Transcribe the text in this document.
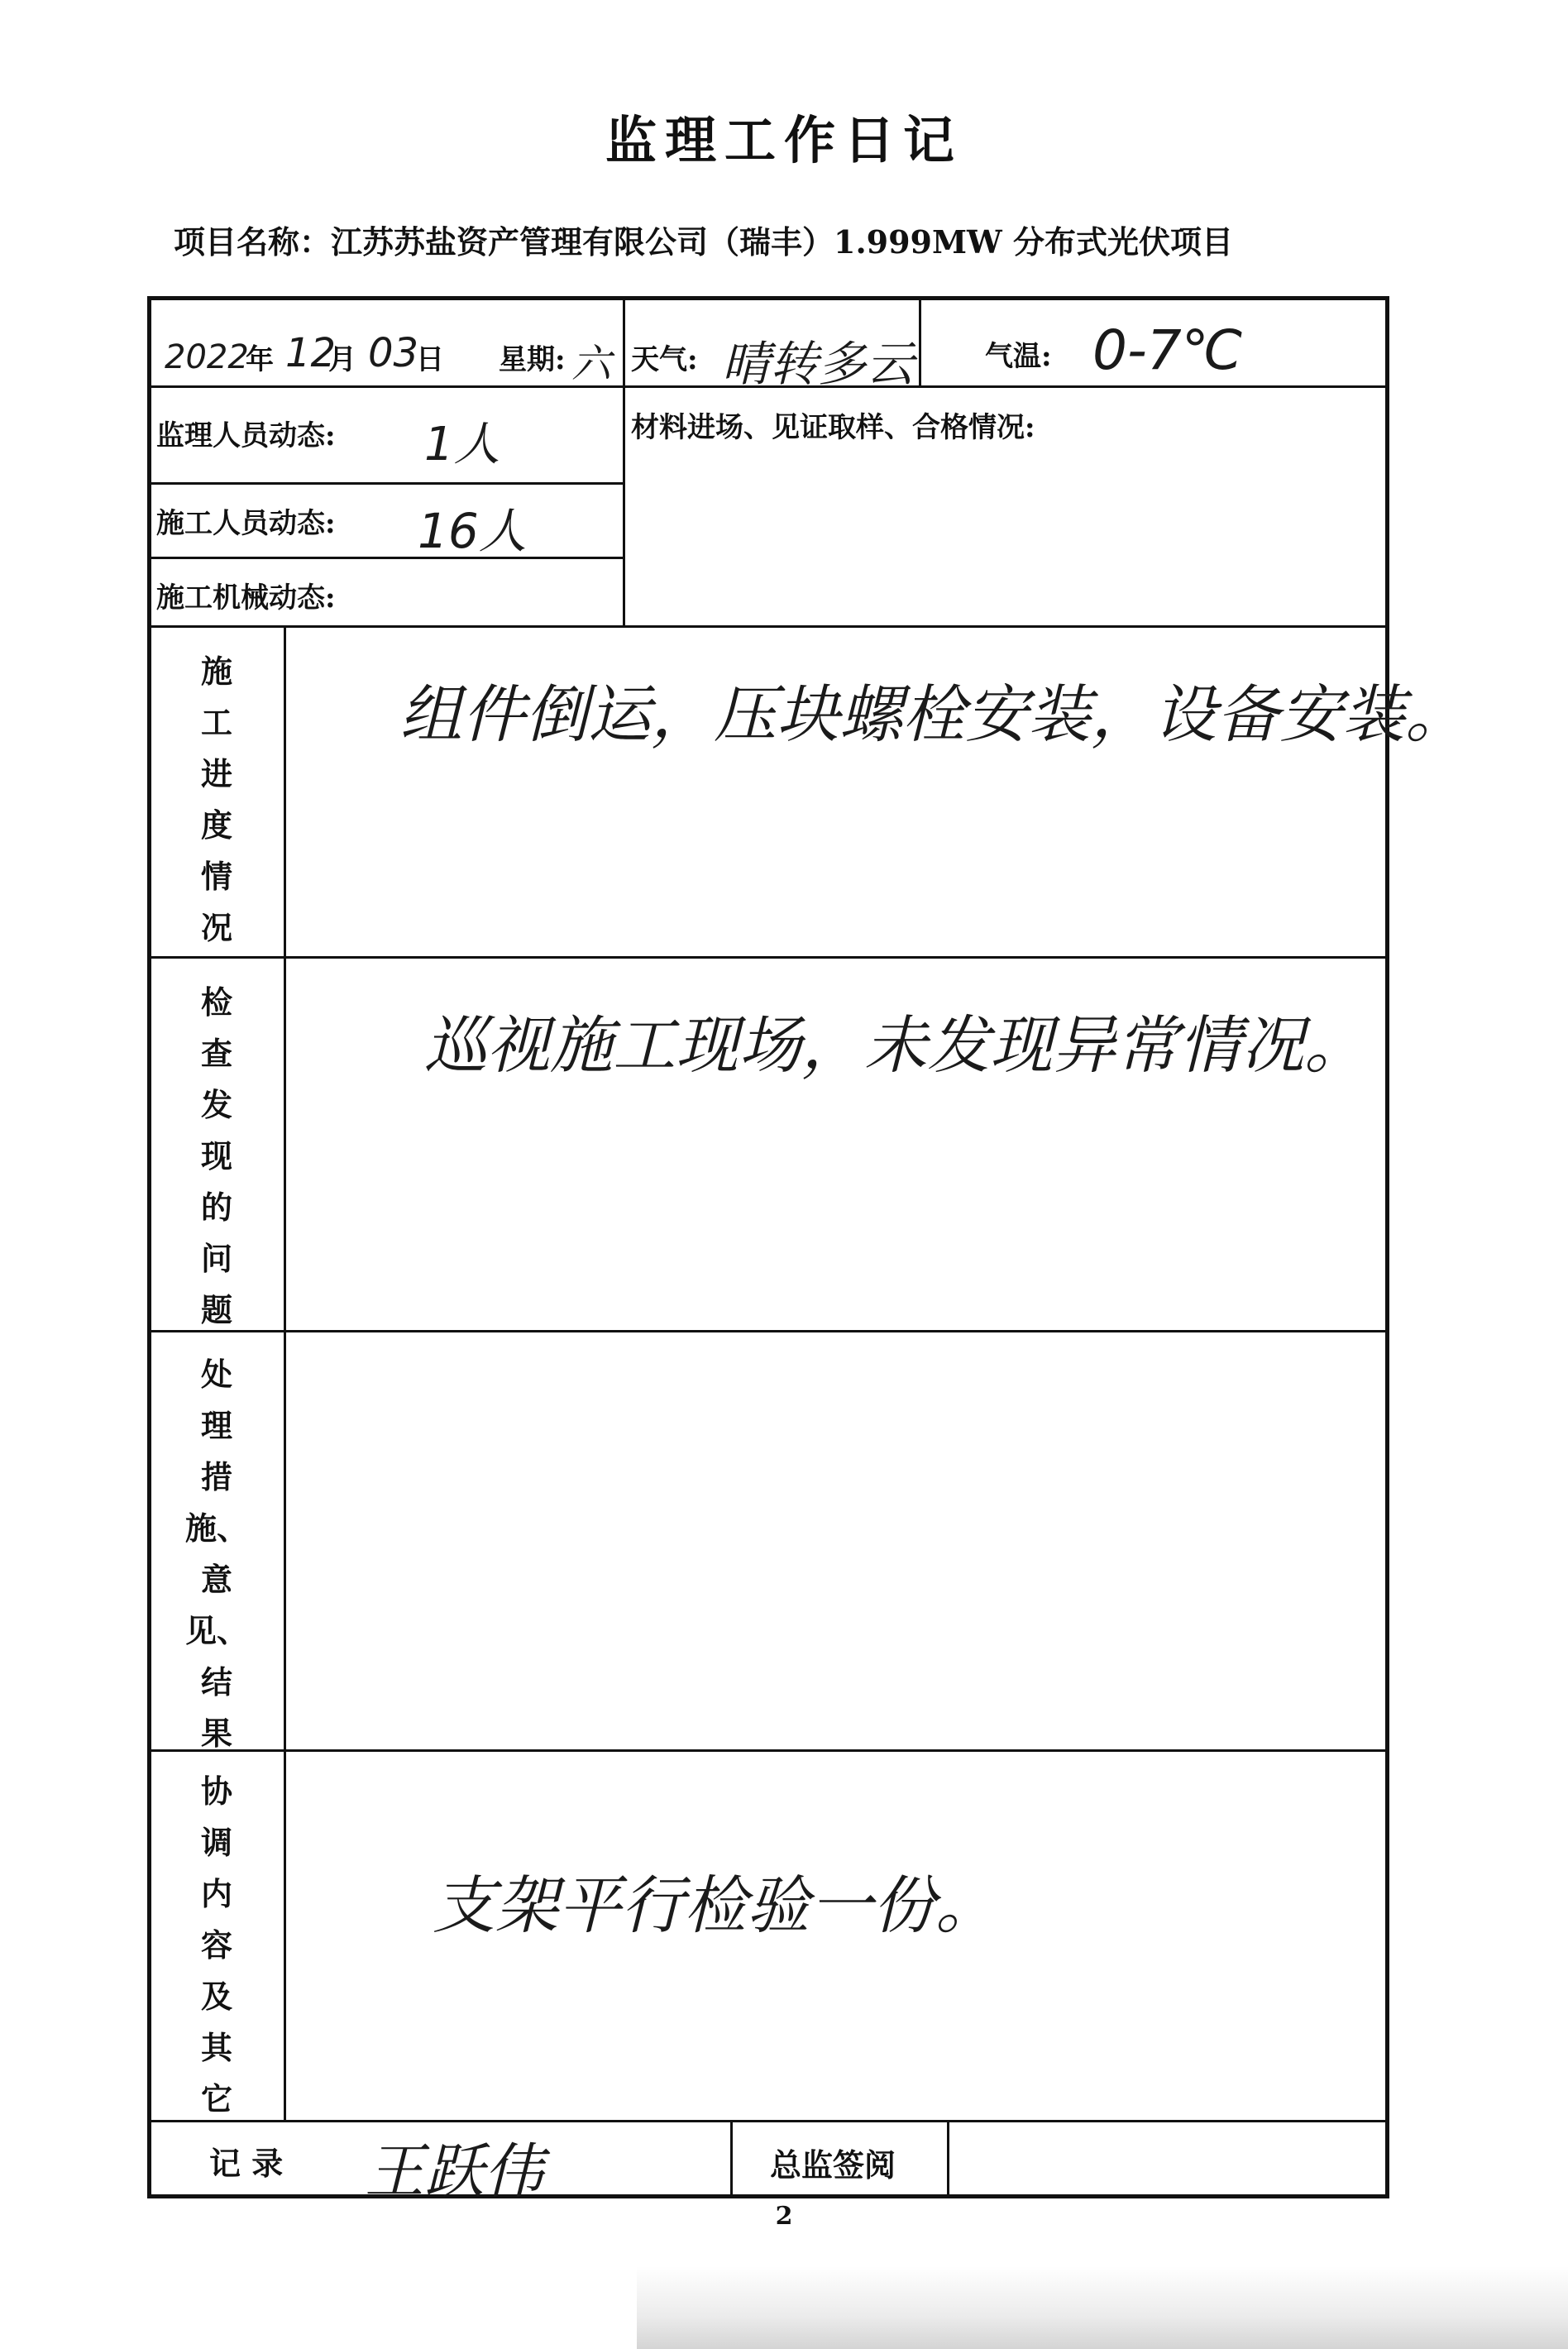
监理工作日记
项目名称：江苏苏盐资产管理有限公司（瑞丰）1.999MW 分布式光伏项目
2022
年 12
月 03
日 星期: 六 天气: 晴转多云	气温: 0-7℃
监理人员动态: 1人
施工人员动态: 16人
施工机械动态:
材料进场、见证取样、合格情况:
施
工
进
度
情
况
组件倒运，压块螺栓安装，设备安装。
检
查
发
现
的
问
题
巡视施工现场，未发现异常情况。
处
理
措
施、
意
见、
结
果
协
调
内
容
及
其
它
支架平行检验一份。
记 录 王跃伟	总监签阅
2
